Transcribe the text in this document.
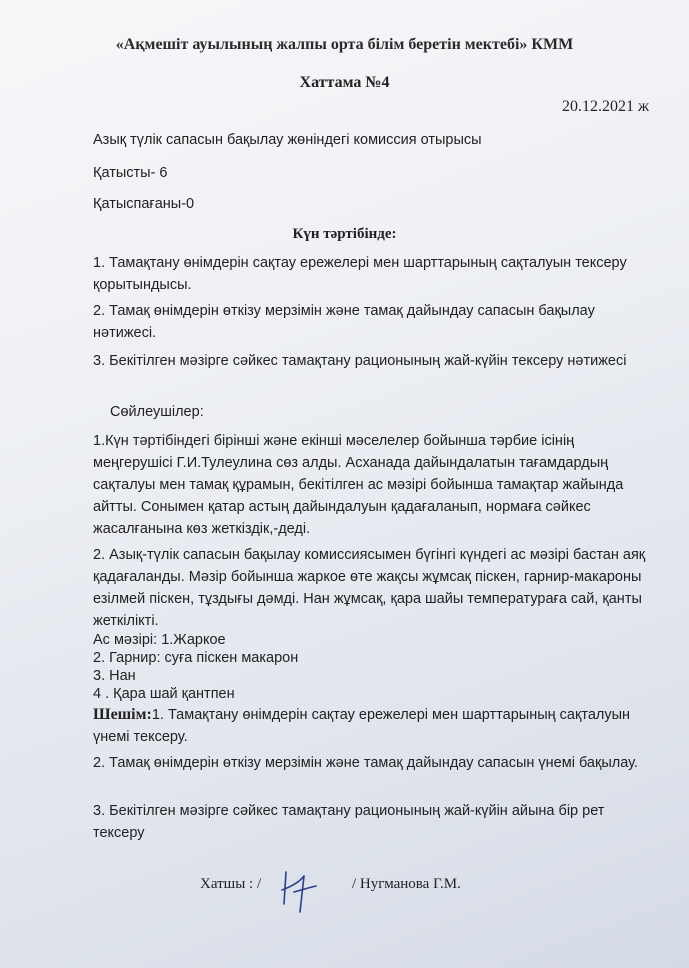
«Ақмешіт ауылының жалпы орта білім беретін мектебі» КММ

Хаттама №4

20.12.2021 ж

Азық түлік сапасын бақылау жөніндегі комиссия отырысы

Қатысты- 6

Қатыспағаны-0

Күн тәртібінде:

1. Тамақтану өнімдерін сақтау ережелері мен шарттарының сақталуын тексеру қорытындысы.

2. Тамақ өнімдерін өткізу мерзімін және тамақ дайындау сапасын бақылау нәтижесі.

3. Бекітілген мәзірге сәйкес тамақтану рационының жай-күйін тексеру нәтижесі

Сөйлеушілер:

1.Күн тәртібіндегі бірінші және екінші мәселелер бойынша тәрбие ісінің меңгерушісі Г.И.Тулеулина сөз алды. Асханада дайындалатын тағамдардың сақталуы мен тамақ құрамын, бекітілген ас мәзірі бойынша тамақтар жайында айтты. Сонымен қатар астың дайындалуын қадағаланып, нормаға сәйкес жасалғанына көз жеткіздік,-деді.

2. Азық-түлік сапасын бақылау комиссиясымен бүгінгі күндегі ас мәзірі бастан аяқ қадағаланды. Мәзір бойынша жаркое өте жақсы жұмсақ піскен, гарнир-макароны езілмей піскен, тұздығы дәмді. Нан жұмсақ, қара шайы температураға сай, қанты жеткілікті.

Ас мәзірі: 1.Жаркое

2. Гарнир: суға піскен макарон

3. Нан

4 . Қара шай қантпен

Шешім:1. Тамақтану өнімдерін сақтау ережелері мен шарттарының сақталуын үнемі тексеру.

2. Тамақ өнімдерін өткізу мерзімін және тамақ дайындау сапасын үнемі бақылау.

3. Бекітілген мәзірге сәйкес тамақтану рационының жай-күйін айына бір рет тексеру

Хатшы : /	/ Нугманова Г.М.
